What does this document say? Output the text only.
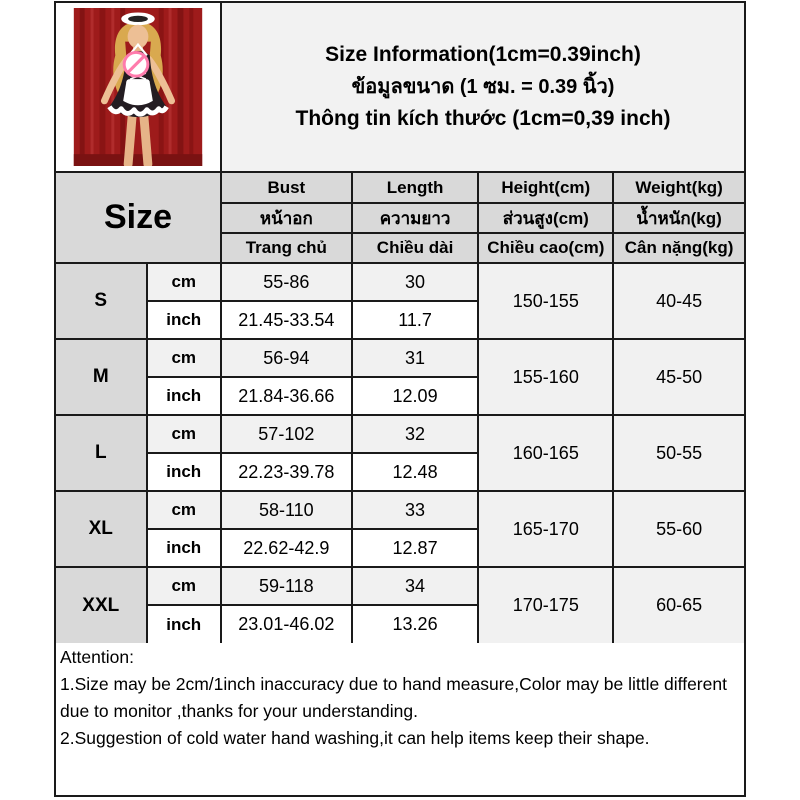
Size Information(1cm=0.39inch)
ข้อมูลขนาด (1 ซม. = 0.39 นิ้ว)
Thông tin kích thước (1cm=0,39 inch)
Size		Bust	Length	Height(cm)	Weight(kg)
		หน้าอก	ความยาว	ส่วนสูง(cm)	น้ำหนัก(kg)
		Trang chủ	Chiều dài	Chiều cao(cm)	Cân nặng(kg)
S	cm	55-86	30	150-155	40-45
	inch	21.45-33.54	11.7		
M	cm	56-94	31	155-160	45-50
	inch	21.84-36.66	12.09		
L	cm	57-102	32	160-165	50-55
	inch	22.23-39.78	12.48		
XL	cm	58-110	33	165-170	55-60
	inch	22.62-42.9	12.87		
XXL	cm	59-118	34	170-175	60-65
	inch	23.01-46.02	13.26		
Attention:
1.Size may be 2cm/1inch inaccuracy due to hand measure,Color may be little different due to monitor ,thanks for your understanding.
2.Suggestion of cold water hand washing,it can help items keep their shape.
